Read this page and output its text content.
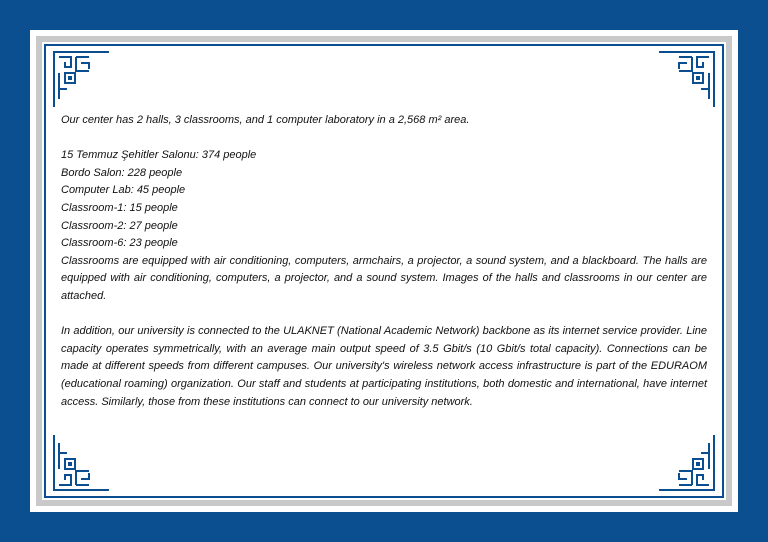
Our center has 2 halls, 3 classrooms, and 1 computer laboratory in a 2,568 m² area.

15 Temmuz Şehitler Salonu: 374 people

Bordo Salon: 228 people

Computer Lab: 45 people

Classroom-1: 15 people

Classroom-2: 27 people

Classroom-6: 23 people

Classrooms are equipped with air conditioning, computers, armchairs, a projector, a sound system, and a blackboard. The halls are equipped with air conditioning, computers, a projector, and a sound system. Images of the halls and classrooms in our center are attached.

In addition, our university is connected to the ULAKNET (National Academic Network) backbone as its internet service provider. Line capacity operates symmetrically, with an average main output speed of 3.5 Gbit/s (10 Gbit/s total capacity). Connections can be made at different speeds from different campuses. Our university's wireless network access infrastructure is part of the EDURAOM (educational roaming) organization. Our staff and students at participating institutions, both domestic and international, have internet access. Similarly, those from these institutions can connect to our university network.
